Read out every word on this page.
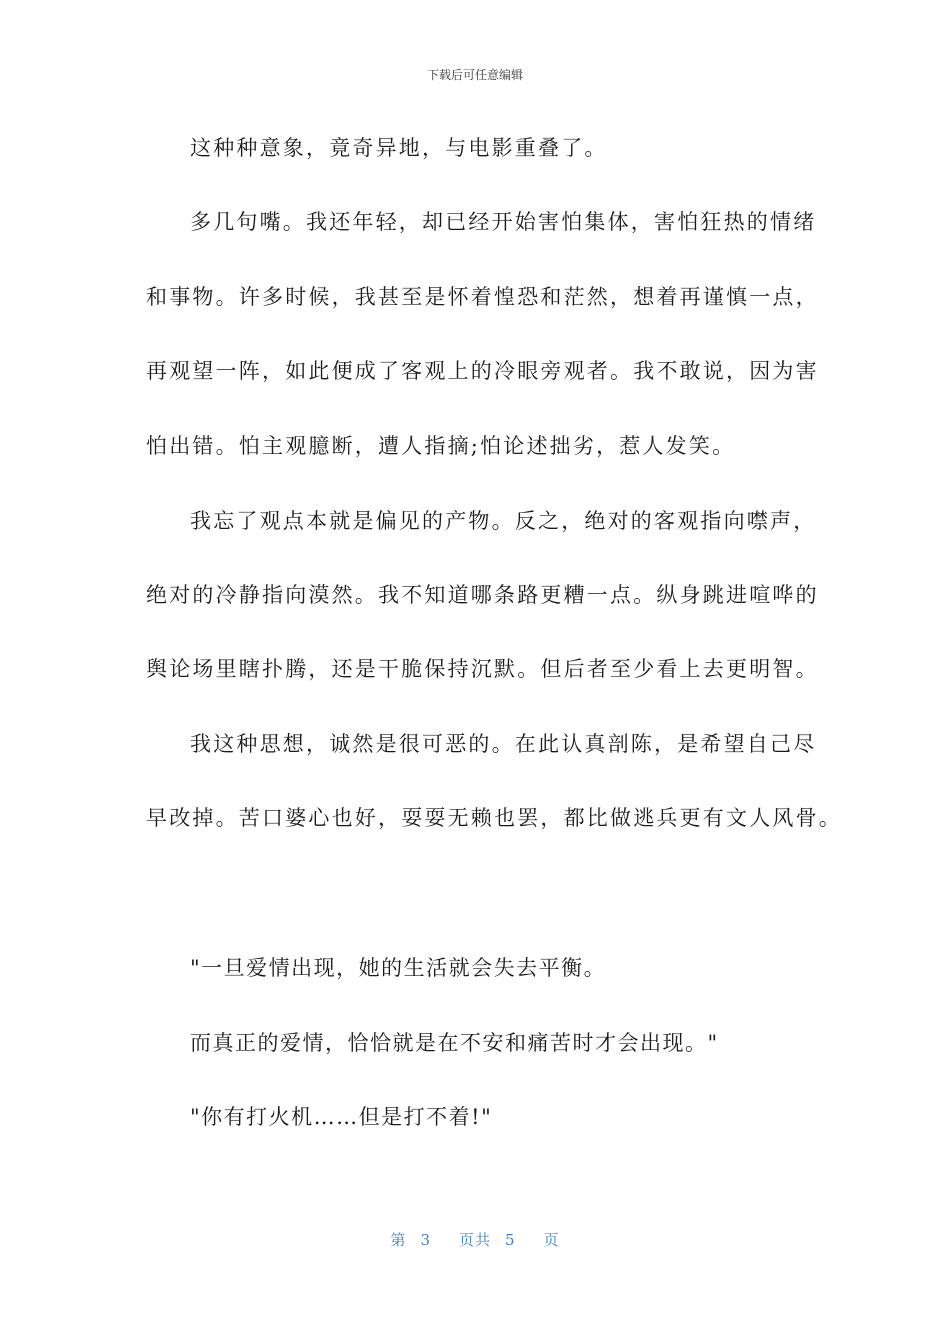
下载后可任意编辑
这种种意象，竟奇异地，与电影重叠了。
多几句嘴。我还年轻，却已经开始害怕集体，害怕狂热的情绪
和事物。许多时候，我甚至是怀着惶恐和茫然，想着再谨慎一点，
再观望一阵，如此便成了客观上的冷眼旁观者。我不敢说，因为害
怕出错。怕主观臆断，遭人指摘;怕论述拙劣，惹人发笑。
我忘了观点本就是偏见的产物。反之，绝对的客观指向噤声，
绝对的冷静指向漠然。我不知道哪条路更糟一点。纵身跳进喧哗的
舆论场里瞎扑腾，还是干脆保持沉默。但后者至少看上去更明智。
我这种思想，诚然是很可恶的。在此认真剖陈，是希望自己尽
早改掉。苦口婆心也好，耍耍无赖也罢，都比做逃兵更有文人风骨。
"一旦爱情出现，她的生活就会失去平衡。
而真正的爱情，恰恰就是在不安和痛苦时才会出现。"
"你有打火机……但是打不着!"
第 3 页共 5 页
